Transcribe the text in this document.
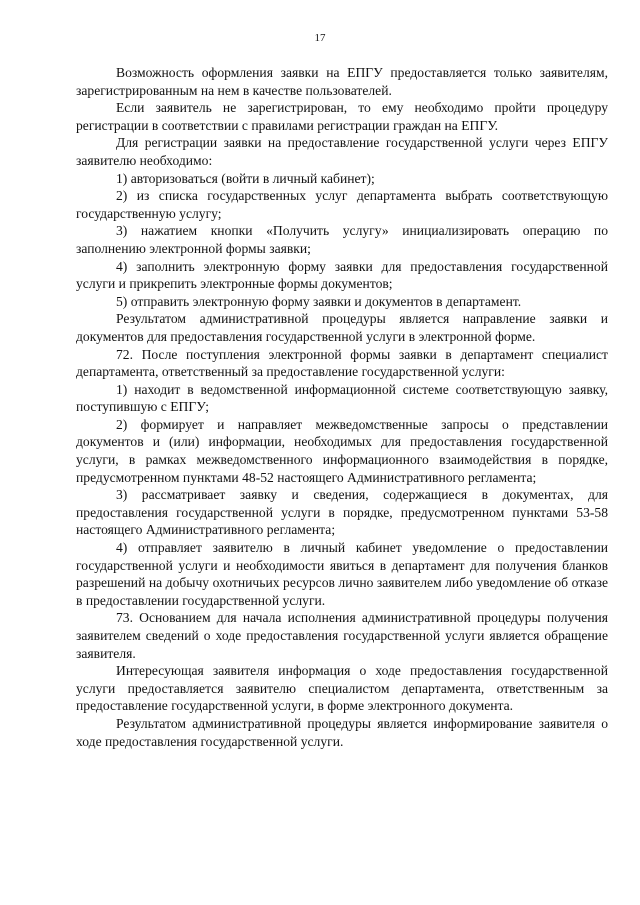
17

Возможность оформления заявки на ЕПГУ предоставляется только заявителям, зарегистрированным на нем в качестве пользователей.

Если заявитель не зарегистрирован, то ему необходимо пройти процедуру регистрации в соответствии с правилами регистрации граждан на ЕПГУ.

Для регистрации заявки на предоставление государственной услуги через ЕПГУ заявителю необходимо:

1) авторизоваться (войти в личный кабинет);

2) из списка государственных услуг департамента выбрать соответствующую государственную услугу;

3) нажатием кнопки «Получить услугу» инициализировать операцию по заполнению электронной формы заявки;

4) заполнить электронную форму заявки для предоставления государственной услуги и прикрепить электронные формы документов;

5) отправить электронную форму заявки и документов в департамент.

Результатом административной процедуры является направление заявки и документов для предоставления государственной услуги в электронной форме.

72. После поступления электронной формы заявки в департамент специалист департамента, ответственный за предоставление государственной услуги:

1) находит в ведомственной информационной системе соответствующую заявку, поступившую с ЕПГУ;

2) формирует и направляет межведомственные запросы о представлении документов и (или) информации, необходимых для предоставления государственной услуги, в рамках межведомственного информационного взаимодействия в порядке, предусмотренном пунктами 48-52 настоящего Административного регламента;

3) рассматривает заявку и сведения, содержащиеся в документах, для предоставления государственной услуги в порядке, предусмотренном пунктами 53-58 настоящего Административного регламента;

4) отправляет заявителю в личный кабинет уведомление о предоставлении государственной услуги и необходимости явиться в департамент для получения бланков разрешений на добычу охотничьих ресурсов лично заявителем либо уведомление об отказе в предоставлении государственной услуги.

73. Основанием для начала исполнения административной процедуры получения заявителем сведений о ходе предоставления государственной услуги является обращение заявителя.

Интересующая заявителя информация о ходе предоставления государственной услуги предоставляется заявителю специалистом департамента, ответственным за предоставление государственной услуги, в форме электронного документа.

Результатом административной процедуры является информирование заявителя о ходе предоставления государственной услуги.
